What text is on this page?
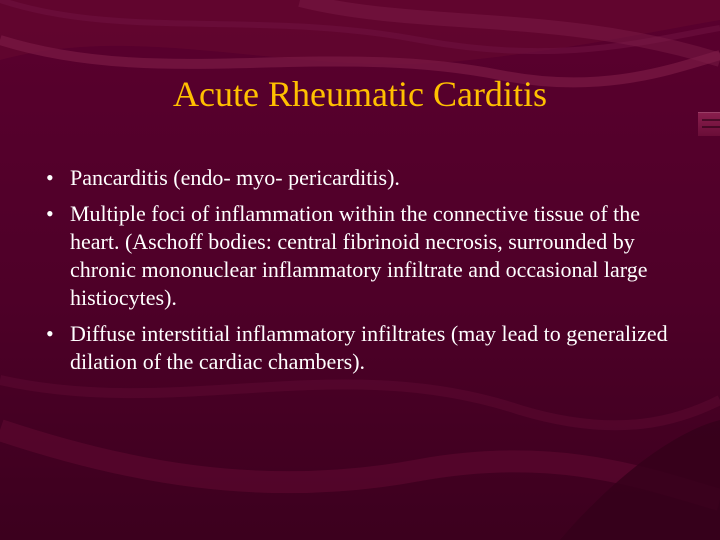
Acute Rheumatic Carditis
• Pancarditis (endo- myo- pericarditis).
• Multiple foci of inflammation within the connective tissue of the heart. (Aschoff bodies: central fibrinoid necrosis, surrounded by chronic mononuclear inflammatory infiltrate and occasional large histiocytes).
• Diffuse interstitial inflammatory infiltrates (may lead to generalized dilation of the cardiac chambers).
